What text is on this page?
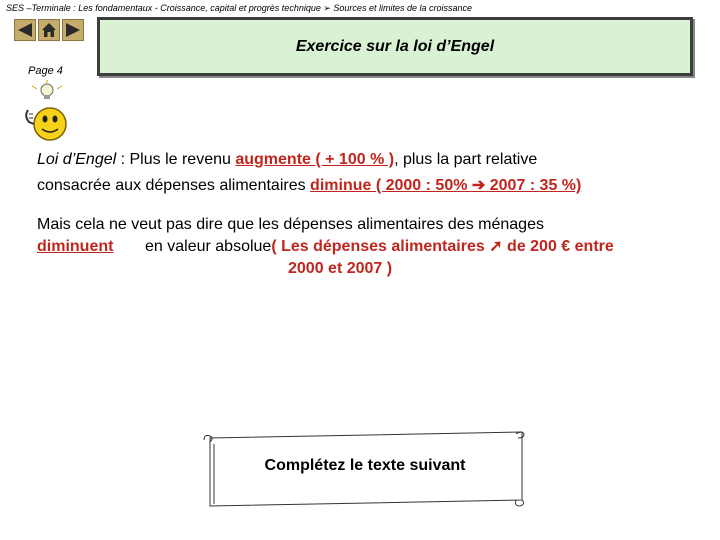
SES –Terminale : Les fondamentaux - Croissance, capital et progrès technique ➢ Sources et limites de la croissance
Page 4
Exercice sur la loi d’Engel
Loi d’Engel : Plus le revenu augmente ( + 100 % ), plus la part relative
consacrée aux dépenses alimentaires diminue ( 2000 : 50% ➔ 2007 : 35 %)
Mais cela ne veut pas dire que les dépenses alimentaires des ménages
diminuent en valeur absolue( Les dépenses alimentaires ➚ de 200 € entre
2000 et 2007 )
Complétez le texte suivant
